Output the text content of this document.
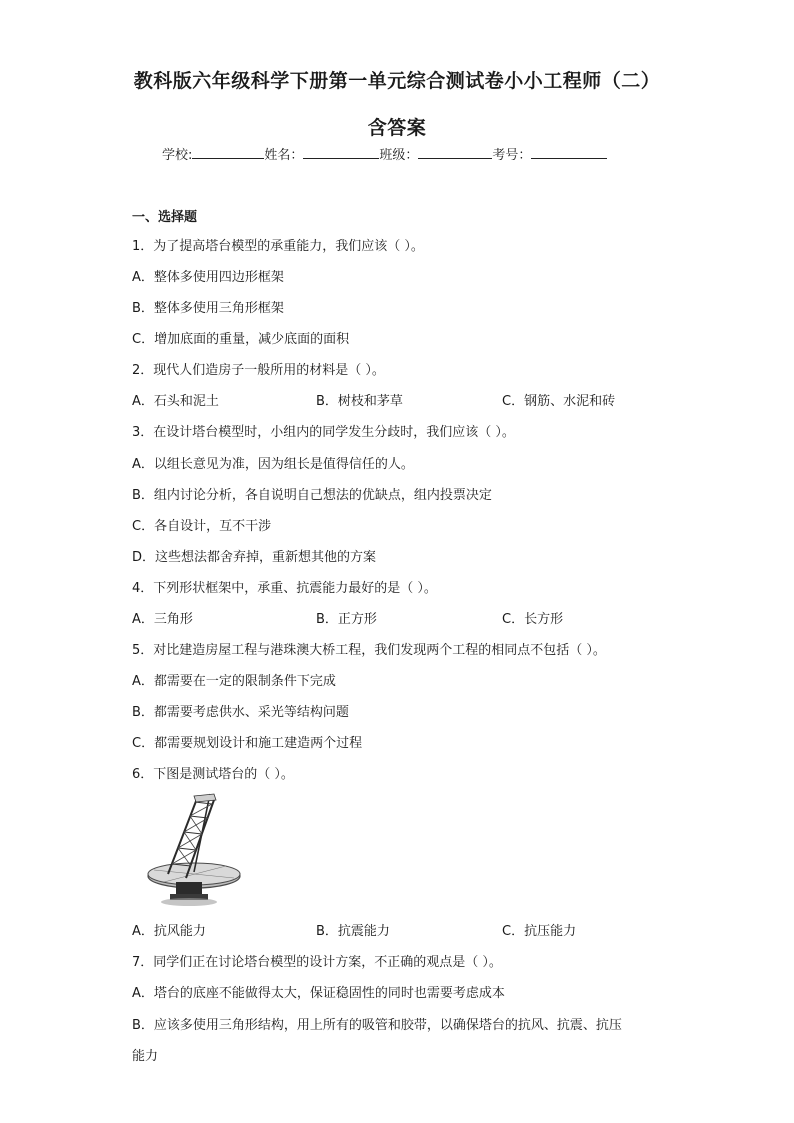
教科版六年级科学下册第一单元综合测试卷小小工程师（二）
含答案
学校:	姓名：	班级：	考号：
一、选择题
1．为了提高塔台模型的承重能力，我们应该（ ）。
A．整体多使用四边形框架
B．整体多使用三角形框架
C．增加底面的重量，减少底面的面积
2．现代人们造房子一般所用的材料是（ ）。
A．石头和泥土	B．树枝和茅草	C．钢筋、水泥和砖
3．在设计塔台模型时，小组内的同学发生分歧时，我们应该（ ）。
A．以组长意见为准，因为组长是值得信任的人。
B．组内讨论分析，各自说明自己想法的优缺点，组内投票决定
C．各自设计，互不干涉
D．这些想法都舍弃掉，重新想其他的方案
4．下列形状框架中，承重、抗震能力最好的是（ ）。
A．三角形	B．正方形	C．长方形
5．对比建造房屋工程与港珠澳大桥工程，我们发现两个工程的相同点不包括（ ）。
A．都需要在一定的限制条件下完成
B．都需要考虑供水、采光等结构问题
C．都需要规划设计和施工建造两个过程
6．下图是测试塔台的（ ）。
A．抗风能力	B．抗震能力	C．抗压能力
7．同学们正在讨论塔台模型的设计方案，不正确的观点是（ ）。
A．塔台的底座不能做得太大，保证稳固性的同时也需要考虑成本
B．应该多使用三角形结构，用上所有的吸管和胶带，以确保塔台的抗风、抗震、抗压
能力
